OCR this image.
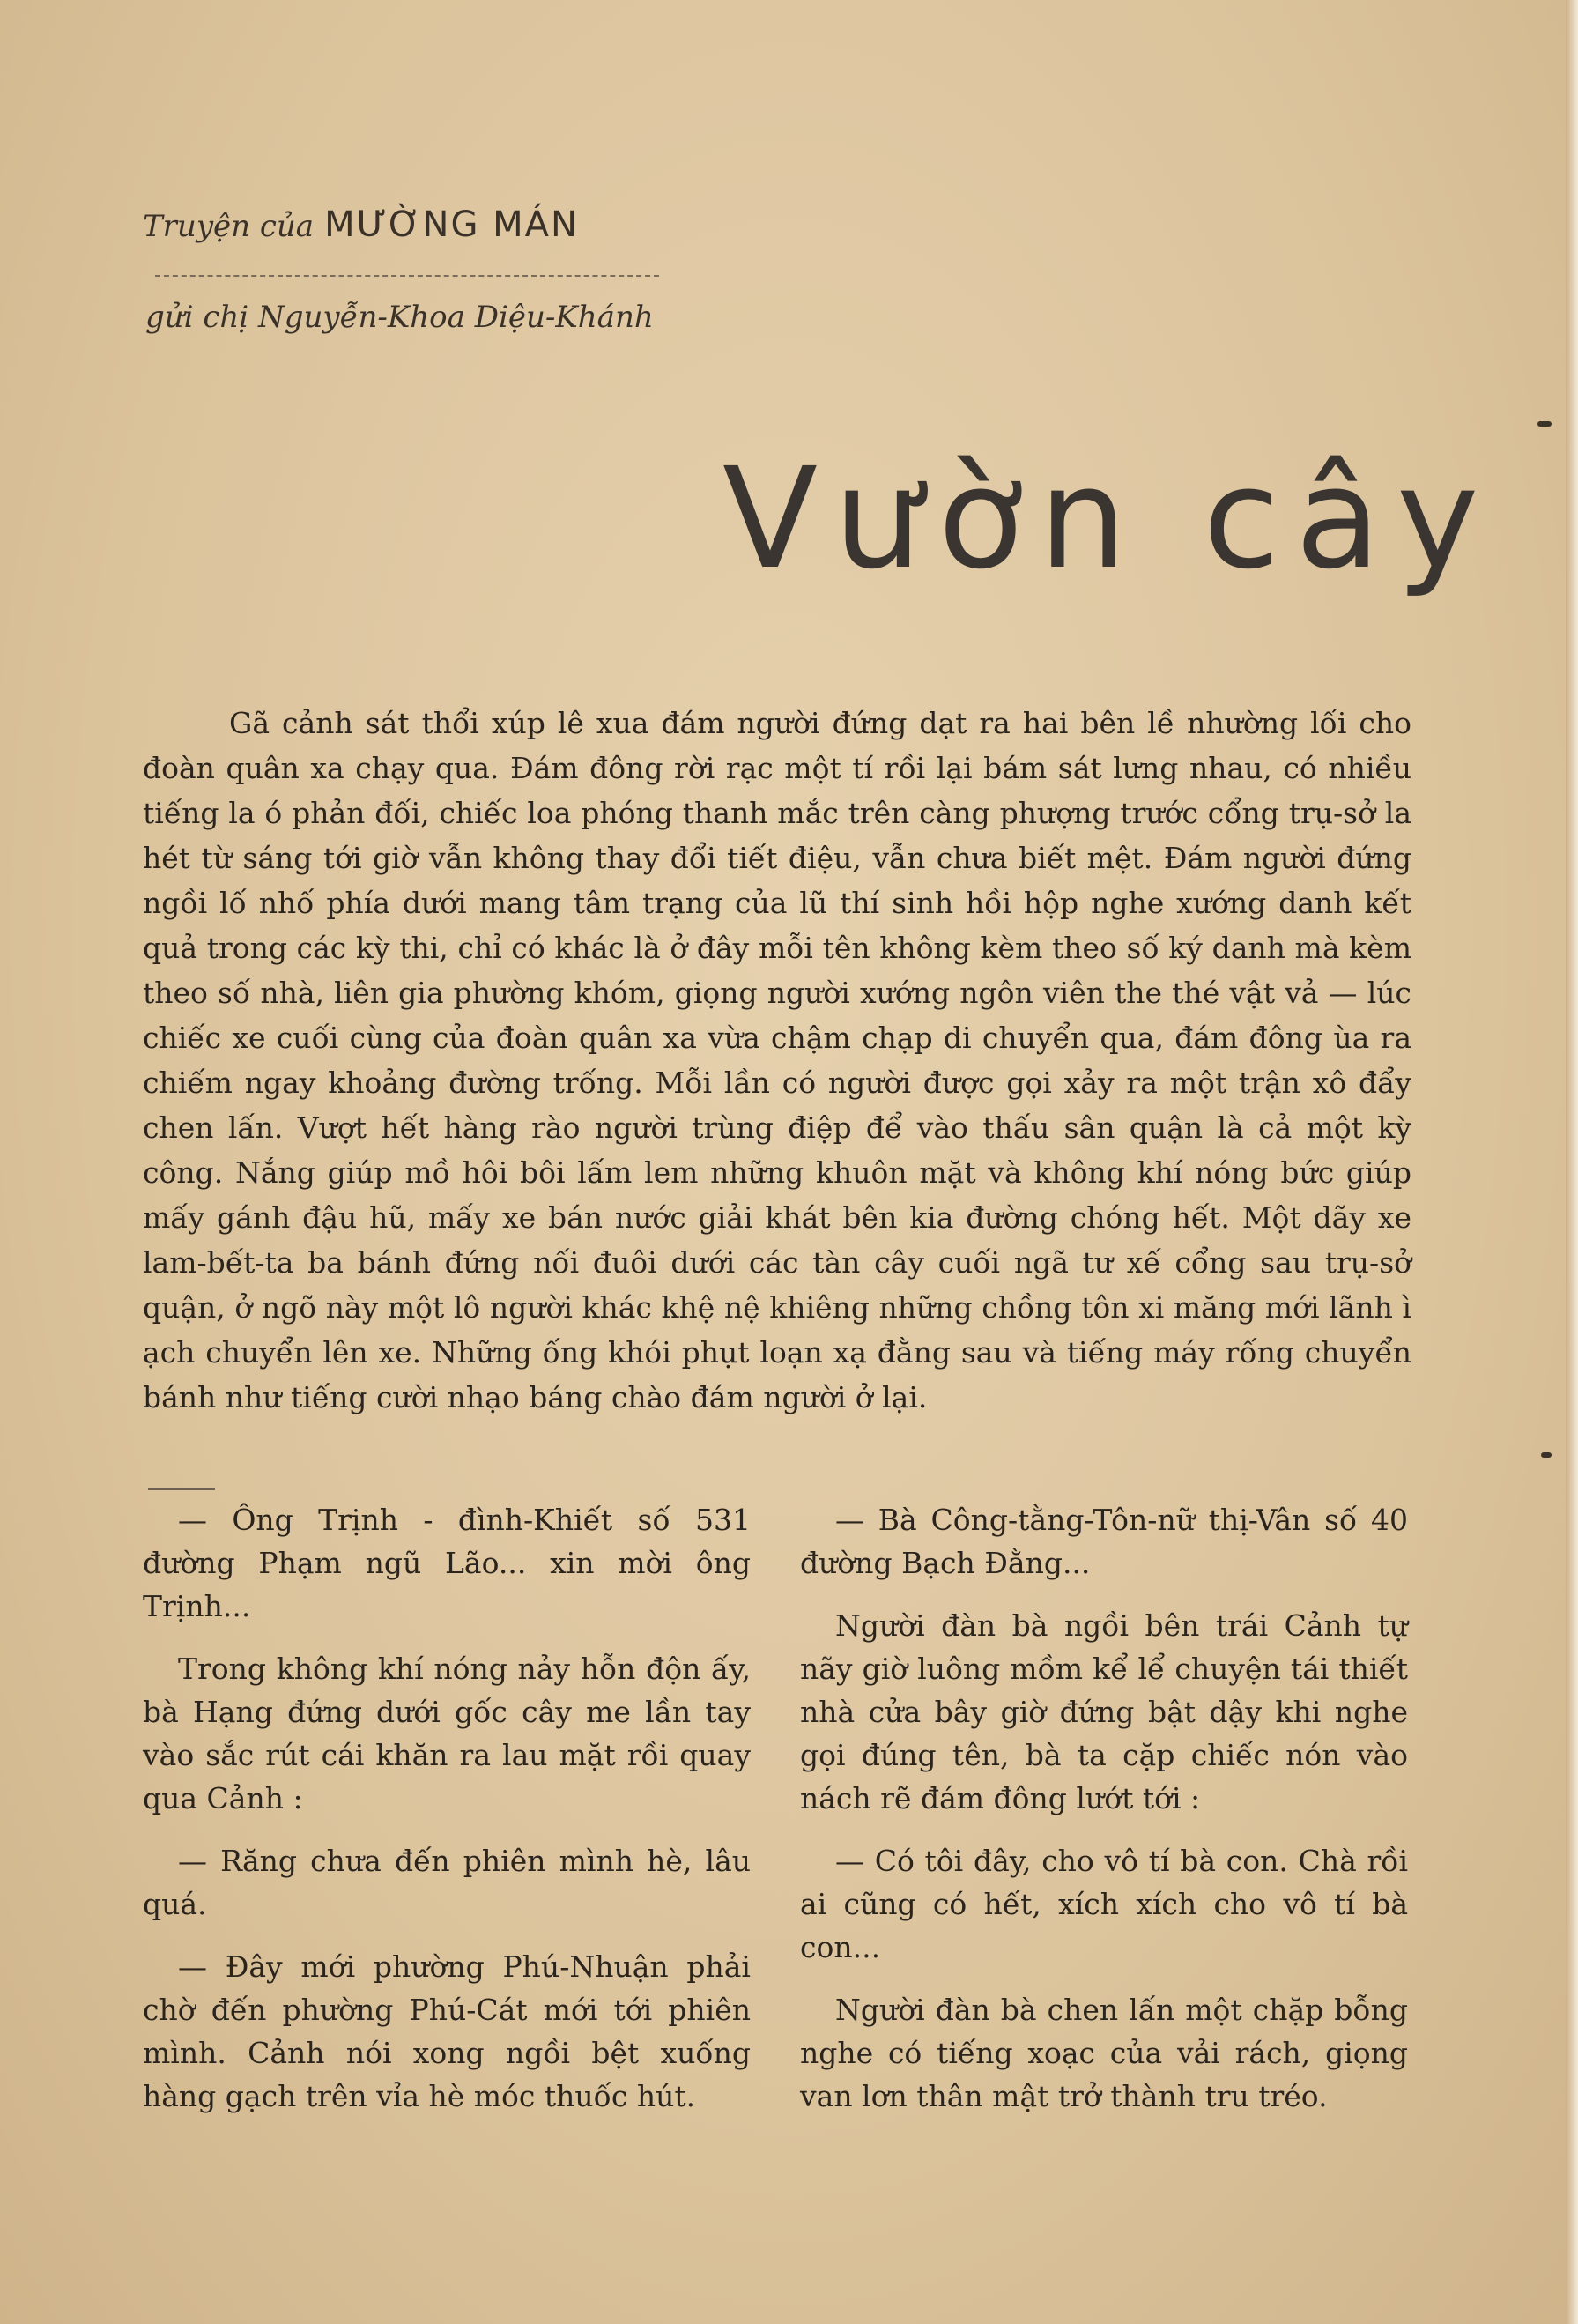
Truyện của MƯỜNG MÁN
gửi chị Nguyễn-Khoa Diệu-Khánh
Vườn cây
Gã cảnh sát thổi xúp lê xua đám người đứng dạt ra hai bên lề nhường lối cho đoàn quân xa chạy qua. Đám đông rời rạc một tí rồi lại bám sát lưng nhau, có nhiều tiếng la ó phản đối, chiếc loa phóng thanh mắc trên càng phượng trước cổng trụ-sở la hét từ sáng tới giờ vẫn không thay đổi tiết điệu, vẫn chưa biết mệt. Đám người đứng ngồi lố nhố phía dưới mang tâm trạng của lũ thí sinh hồi hộp nghe xướng danh kết quả trong các kỳ thi, chỉ có khác là ở đây mỗi tên không kèm theo số ký danh mà kèm theo số nhà, liên gia phường khóm, giọng người xướng ngôn viên the thé vật vả — lúc chiếc xe cuối cùng của đoàn quân xa vừa chậm chạp di chuyển qua, đám đông ùa ra chiếm ngay khoảng đường trống. Mỗi lần có người được gọi xảy ra một trận xô đẩy chen lấn. Vượt hết hàng rào người trùng điệp để vào thấu sân quận là cả một kỳ công. Nắng giúp mồ hôi bôi lấm lem những khuôn mặt và không khí nóng bức giúp mấy gánh đậu hũ, mấy xe bán nước giải khát bên kia đường chóng hết. Một dãy xe lam-bết-ta ba bánh đứng nối đuôi dưới các tàn cây cuối ngã tư xế cổng sau trụ-sở quận, ở ngõ này một lô người khác khệ nệ khiêng những chồng tôn xi măng mới lãnh ì ạch chuyển lên xe. Những ống khói phụt loạn xạ đằng sau và tiếng máy rống chuyển bánh như tiếng cười nhạo báng chào đám người ở lại.

— Ông Trịnh - đình-Khiết số 531 đường Phạm ngũ Lão... xin mời ông Trịnh...

Trong không khí nóng nảy hỗn độn ấy, bà Hạng đứng dưới gốc cây me lần tay vào sắc rút cái khăn ra lau mặt rồi quay qua Cảnh :

— Răng chưa đến phiên mình hè, lâu quá.

— Đây mới phường Phú-Nhuận phải chờ đến phường Phú-Cát mới tới phiên mình. Cảnh nói xong ngồi bệt xuống hàng gạch trên vỉa hè móc thuốc hút.

— Bà Công-tằng-Tôn-nữ thị-Vân số 40 đường Bạch Đằng...

Người đàn bà ngồi bên trái Cảnh tự nãy giờ luông mồm kể lể chuyện tái thiết nhà cửa bây giờ đứng bật dậy khi nghe gọi đúng tên, bà ta cặp chiếc nón vào nách rẽ đám đông lướt tới :

— Có tôi đây, cho vô tí bà con. Chà rồi ai cũng có hết, xích xích cho vô tí bà con...

Người đàn bà chen lấn một chặp bỗng nghe có tiếng xoạc của vải rách, giọng van lơn thân mật trở thành tru tréo.
